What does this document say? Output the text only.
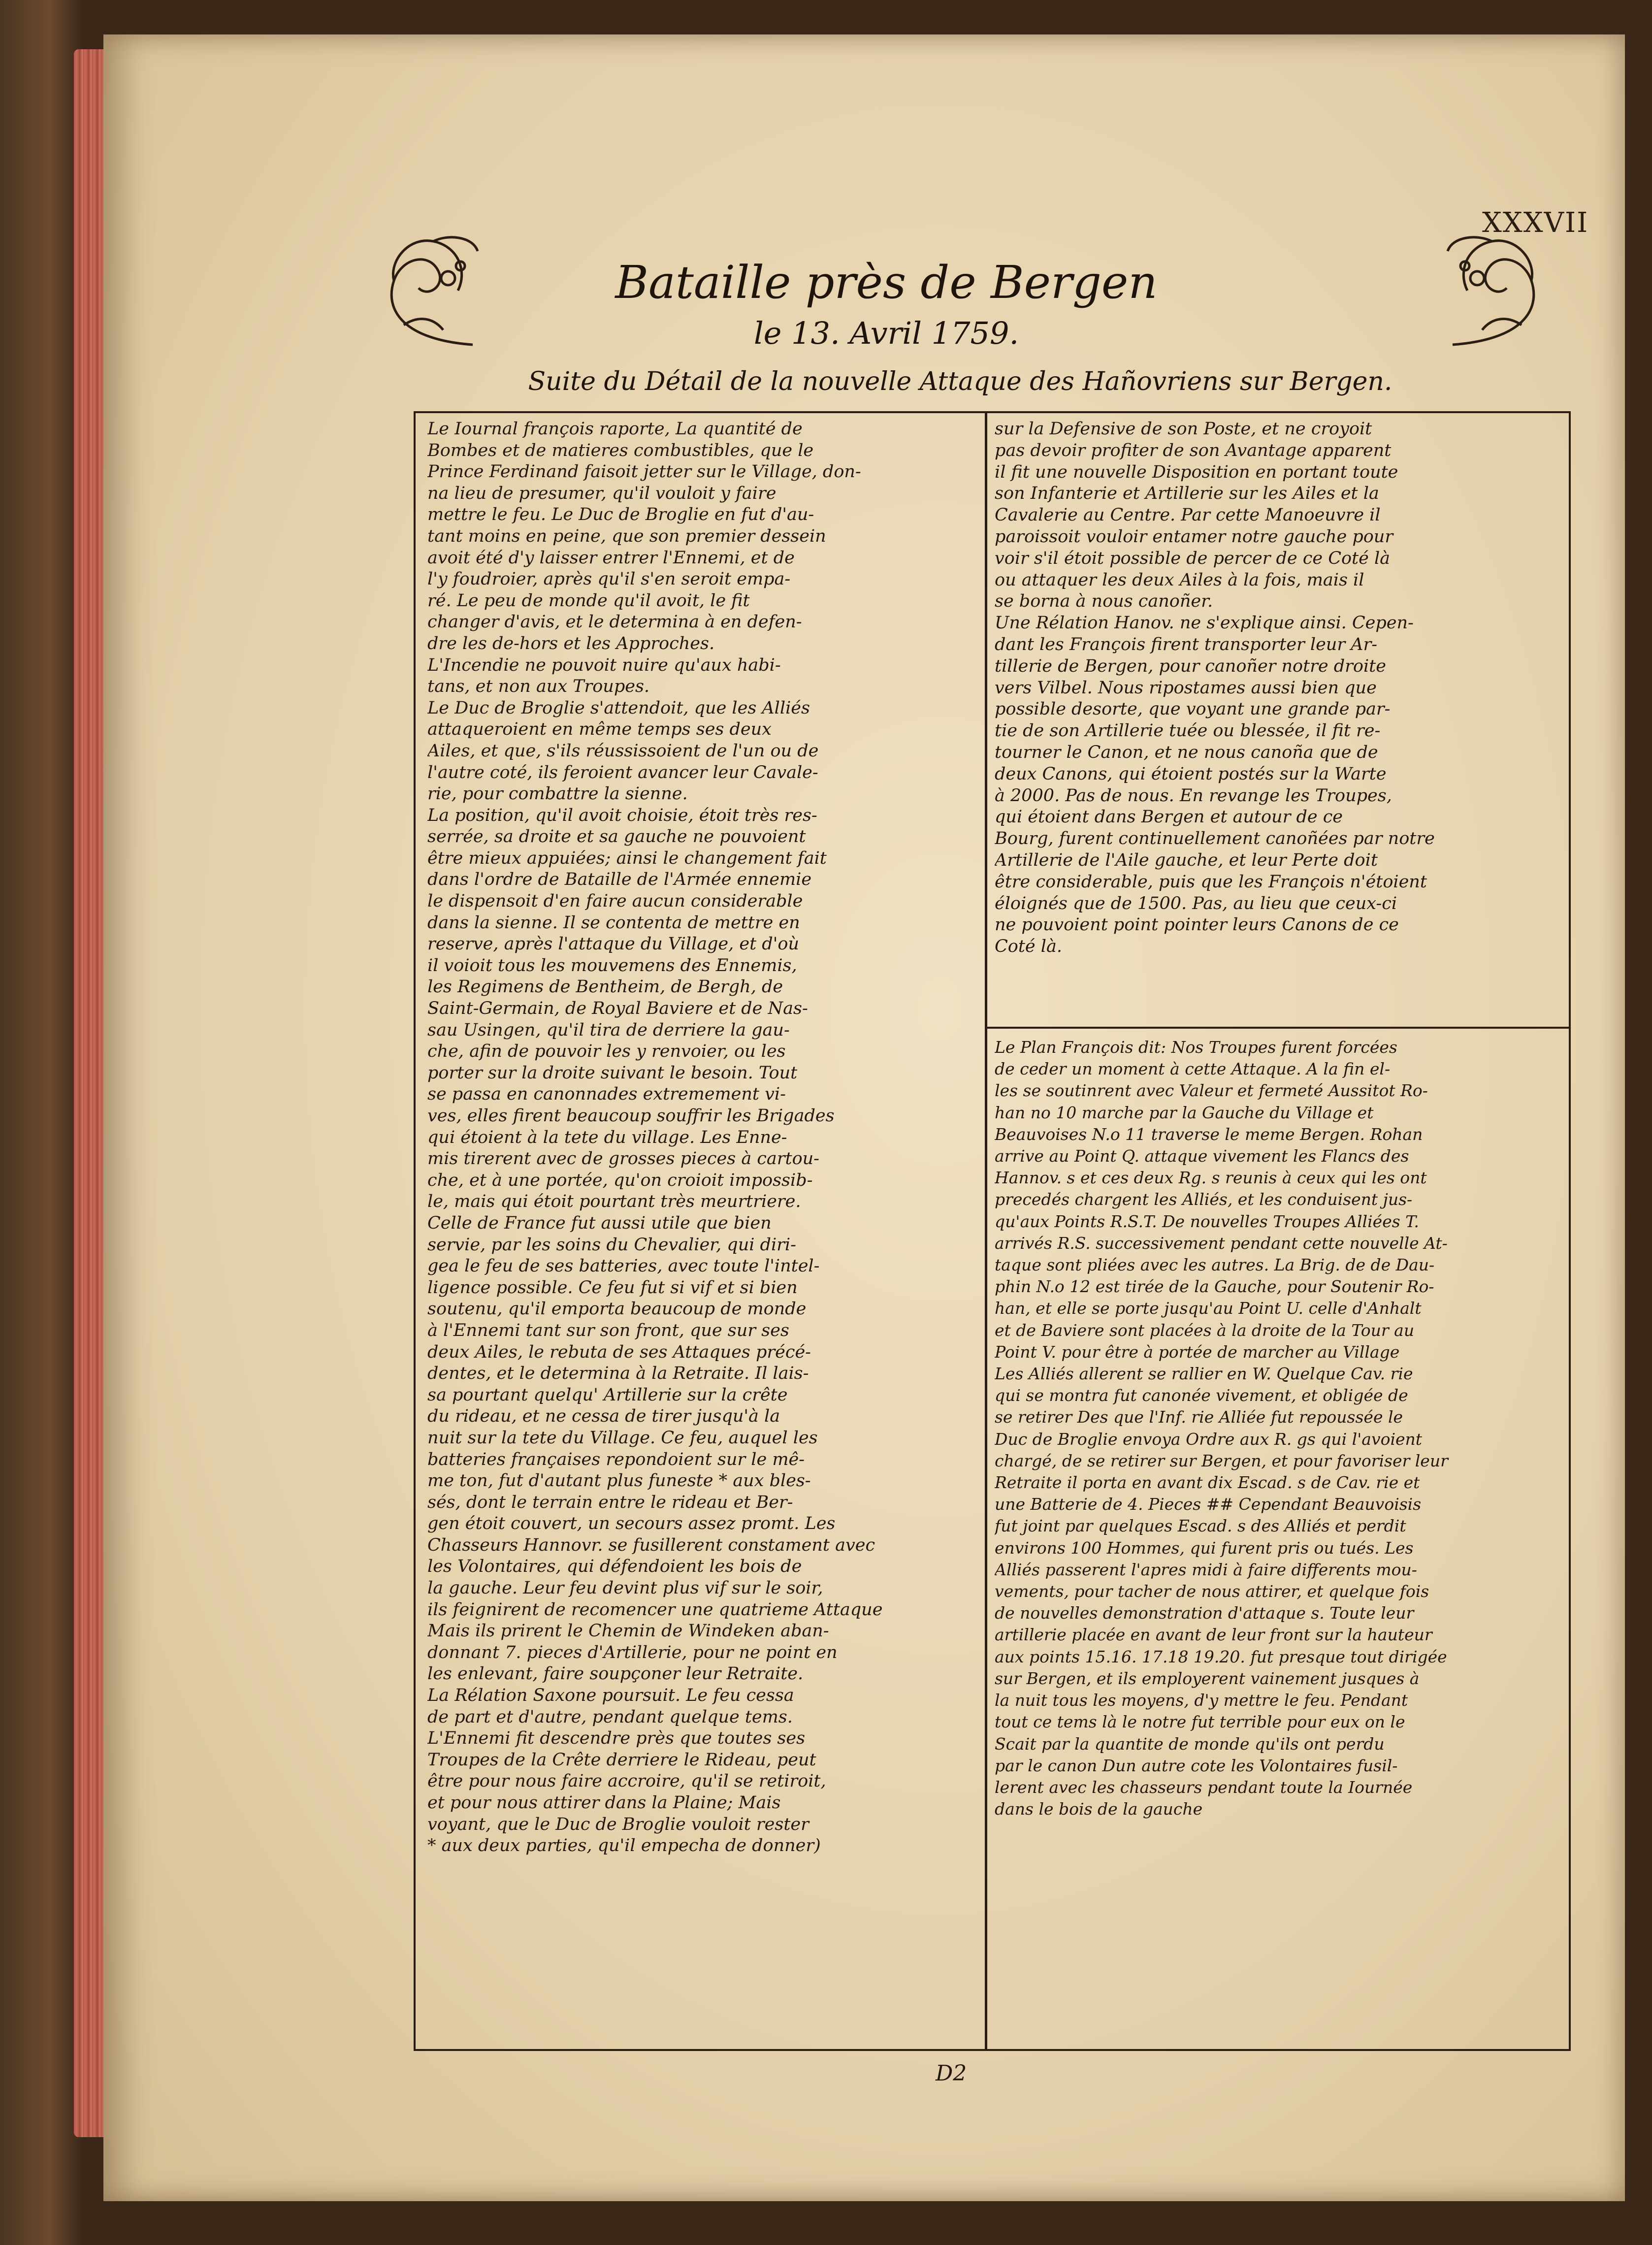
XXXVII
Bataille près de Bergen
le 13. Avril 1759.
Suite du Détail de la nouvelle Attaque des Hañovriens sur Bergen.
Le Iournal françois raporte, La quantité de
Bombes et de matieres combustibles, que le
Prince Ferdinand faisoit jetter sur le Village, don-
na lieu de presumer, qu'il vouloit y faire
mettre le feu. Le Duc de Broglie en fut d'au-
tant moins en peine, que son premier dessein
avoit été d'y laisser entrer l'Ennemi, et de
l'y foudroier, après qu'il s'en seroit empa-
ré. Le peu de monde qu'il avoit, le fit
changer d'avis, et le determina à en defen-
dre les de-hors et les Approches.
L'Incendie ne pouvoit nuire qu'aux habi-
tans, et non aux Troupes.
Le Duc de Broglie s'attendoit, que les Alliés
attaqueroient en même temps ses deux
Ailes, et que, s'ils réussissoient de l'un ou de
l'autre coté, ils feroient avancer leur Cavale-
rie, pour combattre la sienne.
La position, qu'il avoit choisie, étoit très res-
serrée, sa droite et sa gauche ne pouvoient
être mieux appuiées; ainsi le changement fait
dans l'ordre de Bataille de l'Armée ennemie
le dispensoit d'en faire aucun considerable
dans la sienne. Il se contenta de mettre en
reserve, après l'attaque du Village, et d'où
il voioit tous les mouvemens des Ennemis,
les Regimens de Bentheim, de Bergh, de
Saint-Germain, de Royal Baviere et de Nas-
sau Usingen, qu'il tira de derriere la gau-
che, afin de pouvoir les y renvoier, ou les
porter sur la droite suivant le besoin. Tout
se passa en canonnades extremement vi-
ves, elles firent beaucoup souffrir les Brigades
qui étoient à la tete du village. Les Enne-
mis tirerent avec de grosses pieces à cartou-
che, et à une portée, qu'on croioit impossib-
le, mais qui étoit pourtant très meurtriere.
Celle de France fut aussi utile que bien
servie, par les soins du Chevalier, qui diri-
gea le feu de ses batteries, avec toute l'intel-
ligence possible. Ce feu fut si vif et si bien
soutenu, qu'il emporta beaucoup de monde
à l'Ennemi tant sur son front, que sur ses
deux Ailes, le rebuta de ses Attaques précé-
dentes, et le determina à la Retraite. Il lais-
sa pourtant quelqu' Artillerie sur la crête
du rideau, et ne cessa de tirer jusqu'à la
nuit sur la tete du Village. Ce feu, auquel les
batteries françaises repondoient sur le mê-
me ton, fut d'autant plus funeste * aux bles-
sés, dont le terrain entre le rideau et Ber-
gen étoit couvert, un secours assez promt. Les
Chasseurs Hannovr. se fusillerent constament avec
les Volontaires, qui défendoient les bois de
la gauche. Leur feu devint plus vif sur le soir,
ils feignirent de recomencer une quatrieme Attaque
Mais ils prirent le Chemin de Windeken aban-
donnant 7. pieces d'Artillerie, pour ne point en
les enlevant, faire soupçoner leur Retraite.
La Rélation Saxone poursuit. Le feu cessa
de part et d'autre, pendant quelque tems.
L'Ennemi fit descendre près que toutes ses
Troupes de la Crête derriere le Rideau, peut
être pour nous faire accroire, qu'il se retiroit,
et pour nous attirer dans la Plaine; Mais
voyant, que le Duc de Broglie vouloit rester
* aux deux parties, qu'il empecha de donner)
sur la Defensive de son Poste, et ne croyoit
pas devoir profiter de son Avantage apparent
il fit une nouvelle Disposition en portant toute
son Infanterie et Artillerie sur les Ailes et la
Cavalerie au Centre. Par cette Manoeuvre il
paroissoit vouloir entamer notre gauche pour
voir s'il étoit possible de percer de ce Coté là
ou attaquer les deux Ailes à la fois, mais il
se borna à nous canoñer.
Une Rélation Hanov. ne s'explique ainsi. Cepen-
dant les François firent transporter leur Ar-
tillerie de Bergen, pour canoñer notre droite
vers Vilbel. Nous ripostames aussi bien que
possible desorte, que voyant une grande par-
tie de son Artillerie tuée ou blessée, il fit re-
tourner le Canon, et ne nous canoña que de
deux Canons, qui étoient postés sur la Warte
à 2000. Pas de nous. En revange les Troupes,
qui étoient dans Bergen et autour de ce
Bourg, furent continuellement canoñées par notre
Artillerie de l'Aile gauche, et leur Perte doit
être considerable, puis que les François n'étoient
éloignés que de 1500. Pas, au lieu que ceux-ci
ne pouvoient point pointer leurs Canons de ce
Coté là.
Le Plan François dit: Nos Troupes furent forcées
de ceder un moment à cette Attaque. A la fin el-
les se soutinrent avec Valeur et fermeté Aussitot Ro-
han no 10 marche par la Gauche du Village et
Beauvoises N.o 11 traverse le meme Bergen. Rohan
arrive au Point Q. attaque vivement les Flancs des
Hannov. s et ces deux Rg. s reunis à ceux qui les ont
precedés chargent les Alliés, et les conduisent jus-
qu'aux Points R.S.T. De nouvelles Troupes Alliées T.
arrivés R.S. successivement pendant cette nouvelle At-
taque sont pliées avec les autres. La Brig. de de Dau-
phin N.o 12 est tirée de la Gauche, pour Soutenir Ro-
han, et elle se porte jusqu'au Point U. celle d'Anhalt
et de Baviere sont placées à la droite de la Tour au
Point V. pour être à portée de marcher au Village
Les Alliés allerent se rallier en W. Quelque Cav. rie
qui se montra fut canonée vivement, et obligée de
se retirer Des que l'Inf. rie Alliée fut repoussée le
Duc de Broglie envoya Ordre aux R. gs qui l'avoient
chargé, de se retirer sur Bergen, et pour favoriser leur
Retraite il porta en avant dix Escad. s de Cav. rie et
une Batterie de 4. Pieces ## Cependant Beauvoisis
fut joint par quelques Escad. s des Alliés et perdit
environs 100 Hommes, qui furent pris ou tués. Les
Alliés passerent l'apres midi à faire differents mou-
vements, pour tacher de nous attirer, et quelque fois
de nouvelles demonstration d'attaque s. Toute leur
artillerie placée en avant de leur front sur la hauteur
aux points 15.16. 17.18 19.20. fut presque tout dirigée
sur Bergen, et ils employerent vainement jusques à
la nuit tous les moyens, d'y mettre le feu. Pendant
tout ce tems là le notre fut terrible pour eux on le
Scait par la quantite de monde qu'ils ont perdu
par le canon Dun autre cote les Volontaires fusil-
lerent avec les chasseurs pendant toute la Iournée
dans le bois de la gauche
D2
